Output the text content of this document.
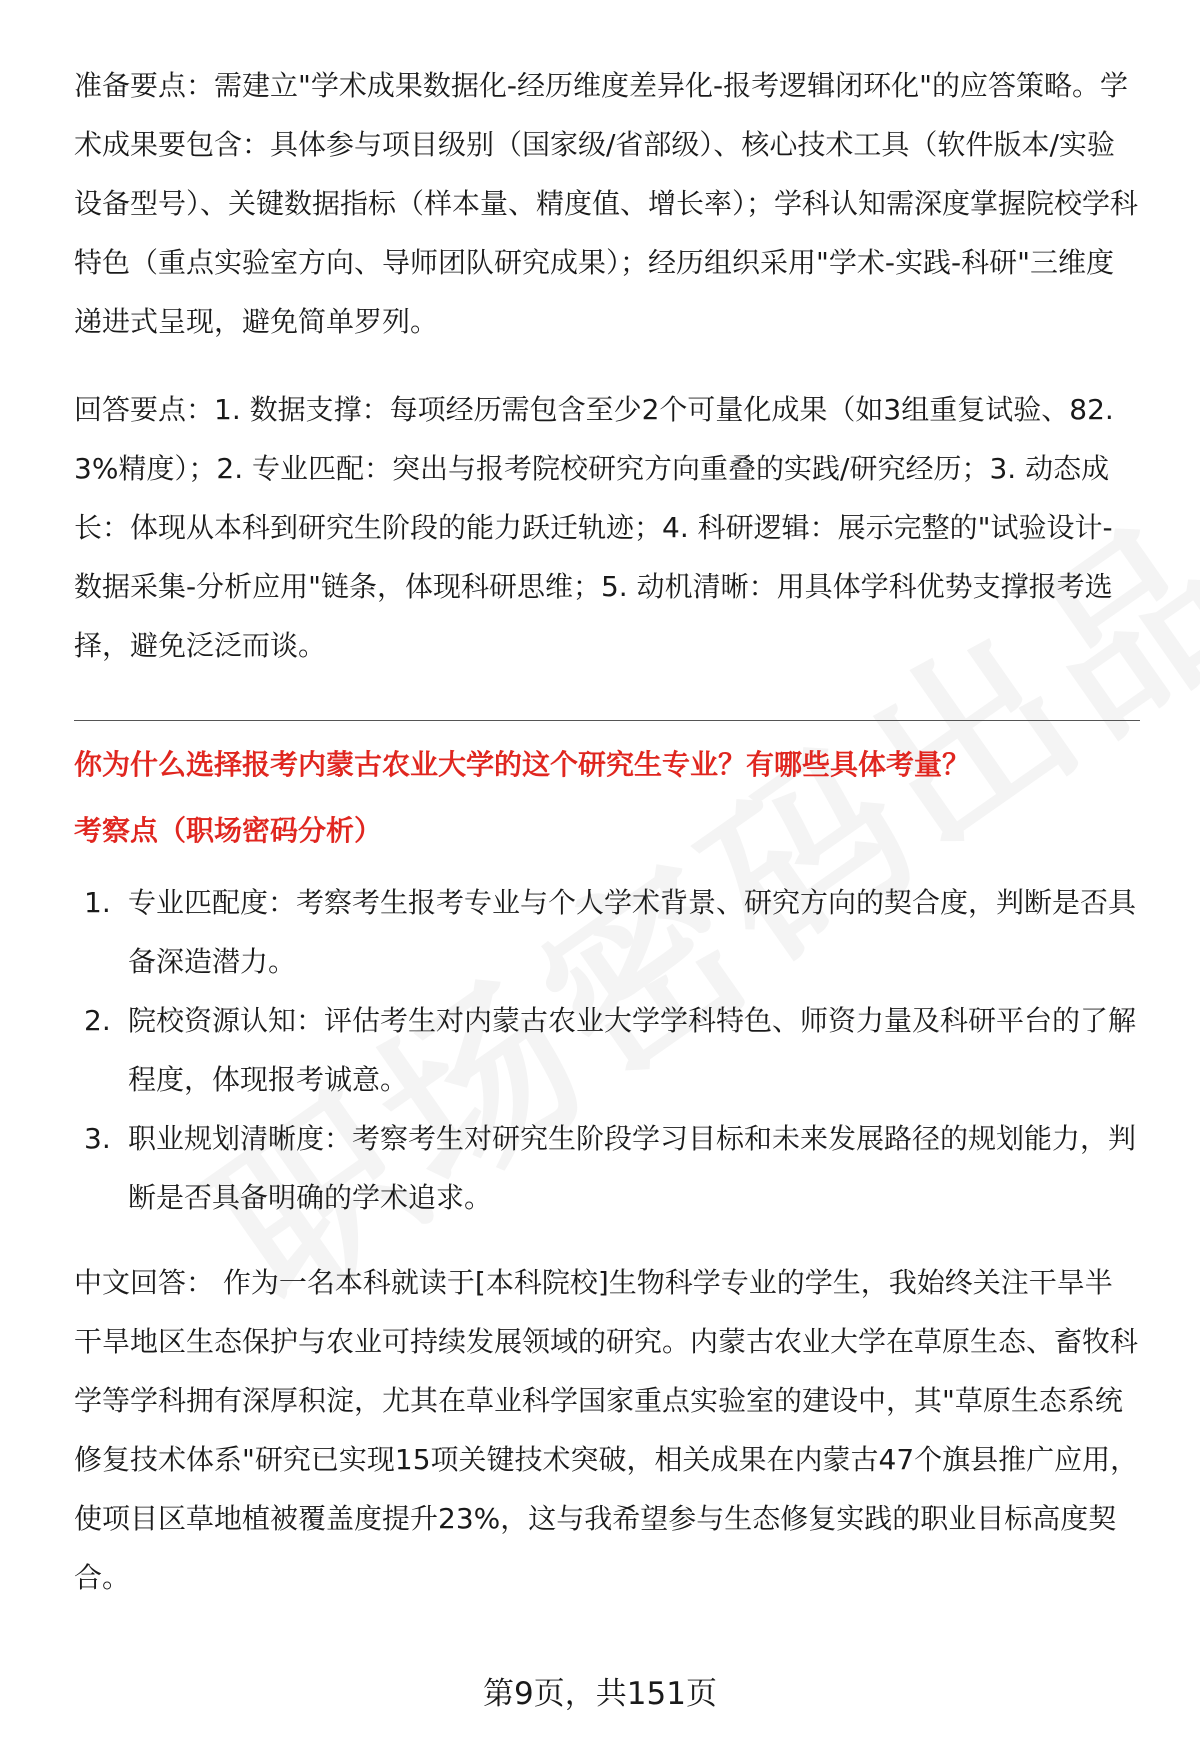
准备要点：需建立"学术成果数据化-经历维度差异化-报考逻辑闭环化"的应答策略。学术成果要包含：具体参与项目级别（国家级/省部级）、核心技术工具（软件版本/实验设备型号）、关键数据指标（样本量、精度值、增长率）；学科认知需深度掌握院校学科特色（重点实验室方向、导师团队研究成果）；经历组织采用"学术-实践-科研"三维度递进式呈现，避免简单罗列。

回答要点：1. 数据支撑：每项经历需包含至少2个可量化成果（如3组重复试验、82.3%精度）；2. 专业匹配：突出与报考院校研究方向重叠的实践/研究经历；3. 动态成长：体现从本科到研究生阶段的能力跃迁轨迹；4. 科研逻辑：展示完整的"试验设计-数据采集-分析应用"链条，体现科研思维；5. 动机清晰：用具体学科优势支撑报考选择，避免泛泛而谈。

你为什么选择报考内蒙古农业大学的这个研究生专业？有哪些具体考量？
考察点（职场密码分析）
1. 专业匹配度：考察考生报考专业与个人学术背景、研究方向的契合度，判断是否具备深造潜力。
2. 院校资源认知：评估考生对内蒙古农业大学学科特色、师资力量及科研平台的了解程度，体现报考诚意。
3. 职业规划清晰度：考察考生对研究生阶段学习目标和未来发展路径的规划能力，判断是否具备明确的学术追求。

中文回答： 作为一名本科就读于[本科院校]生物科学专业的学生，我始终关注干旱半干旱地区生态保护与农业可持续发展领域的研究。内蒙古农业大学在草原生态、畜牧科学等学科拥有深厚积淀，尤其在草业科学国家重点实验室的建设中，其"草原生态系统修复技术体系"研究已实现15项关键技术突破，相关成果在内蒙古47个旗县推广应用，使项目区草地植被覆盖度提升23%，这与我希望参与生态修复实践的职业目标高度契合。

第9页，共151页
